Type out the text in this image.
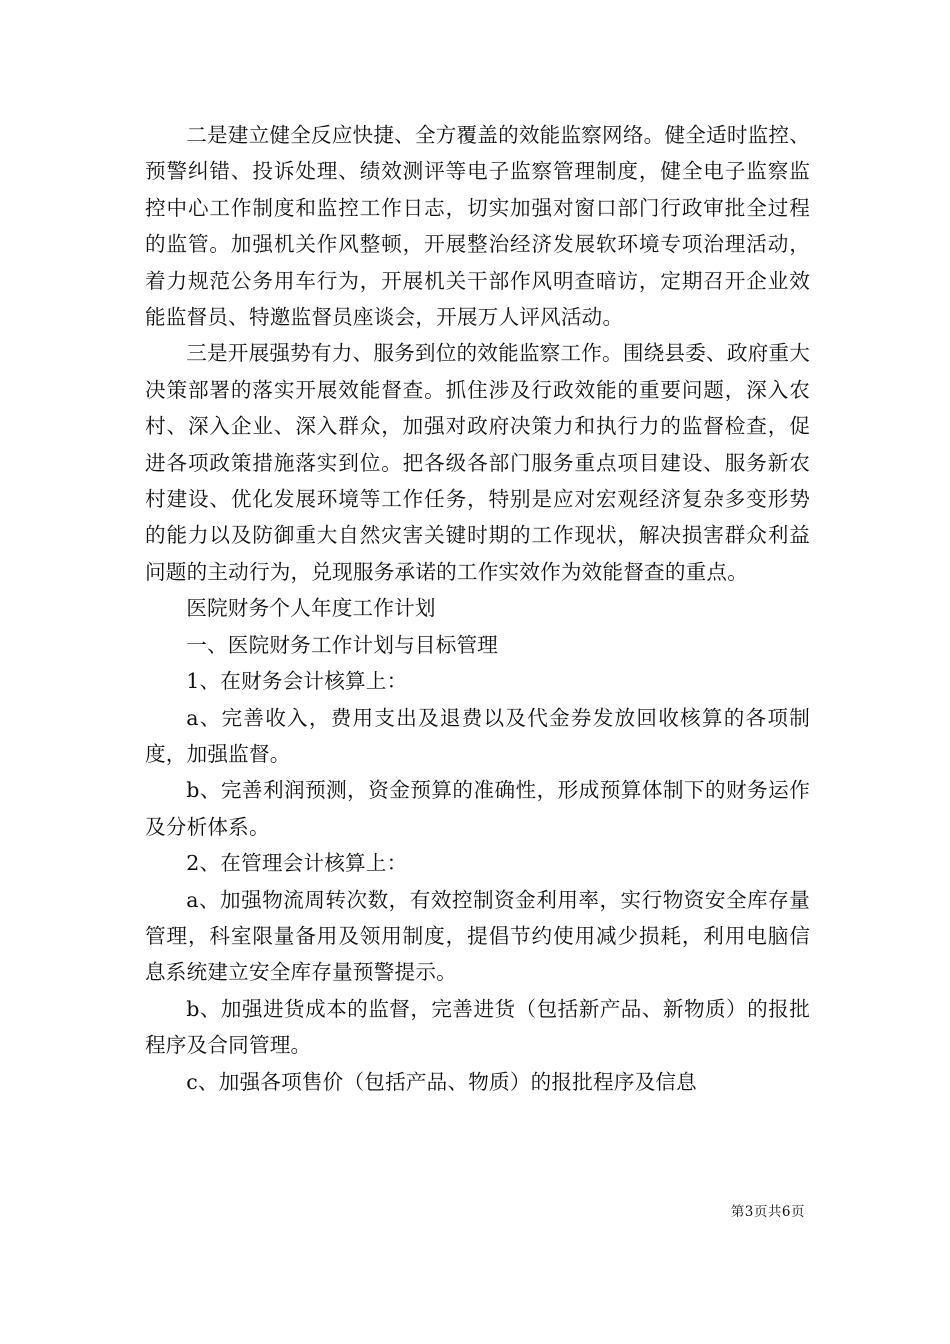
二是建立健全反应快捷、全方覆盖的效能监察网络。健全适时监控、预警纠错、投诉处理、绩效测评等电子监察管理制度，健全电子监察监控中心工作制度和监控工作日志，切实加强对窗口部门行政审批全过程的监管。加强机关作风整顿，开展整治经济发展软环境专项治理活动，着力规范公务用车行为，开展机关干部作风明查暗访，定期召开企业效能监督员、特邀监督员座谈会，开展万人评风活动。

三是开展强势有力、服务到位的效能监察工作。围绕县委、政府重大决策部署的落实开展效能督查。抓住涉及行政效能的重要问题，深入农村、深入企业、深入群众，加强对政府决策力和执行力的监督检查，促进各项政策措施落实到位。把各级各部门服务重点项目建设、服务新农村建设、优化发展环境等工作任务，特别是应对宏观经济复杂多变形势的能力以及防御重大自然灾害关键时期的工作现状，解决损害群众利益问题的主动行为，兑现服务承诺的工作实效作为效能督查的重点。

医院财务个人年度工作计划

一、医院财务工作计划与目标管理

1、在财务会计核算上：

a、完善收入，费用支出及退费以及代金券发放回收核算的各项制度，加强监督。

b、完善利润预测，资金预算的准确性，形成预算体制下的财务运作及分析体系。

2、在管理会计核算上：

a、加强物流周转次数，有效控制资金利用率，实行物资安全库存量管理，科室限量备用及领用制度，提倡节约使用减少损耗，利用电脑信息系统建立安全库存量预警提示。

b、加强进货成本的监督，完善进货（包括新产品、新物质）的报批程序及合同管理。

c、加强各项售价（包括产品、物质）的报批程序及信息

第3页共6页
